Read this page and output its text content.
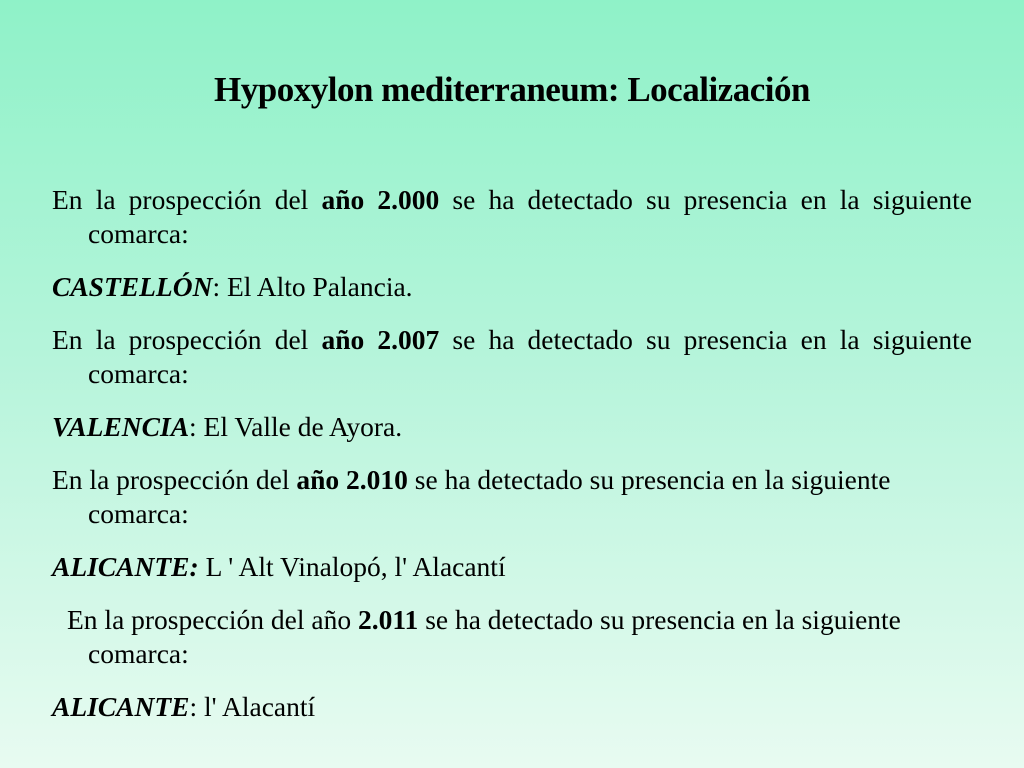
Hypoxylon mediterraneum: Localización

En la prospección del año 2.000 se ha detectado su presencia en la siguiente comarca:

CASTELLÓN: El Alto Palancia.

En la prospección del año 2.007 se ha detectado su presencia en la siguiente comarca:

VALENCIA: El Valle de Ayora.

En la prospección del año 2.010 se ha detectado su presencia en la siguiente comarca:

ALICANTE: L ' Alt Vinalopó, l' Alacantí

En la prospección del año 2.011 se ha detectado su presencia en la siguiente comarca:

ALICANTE: l' Alacantí
